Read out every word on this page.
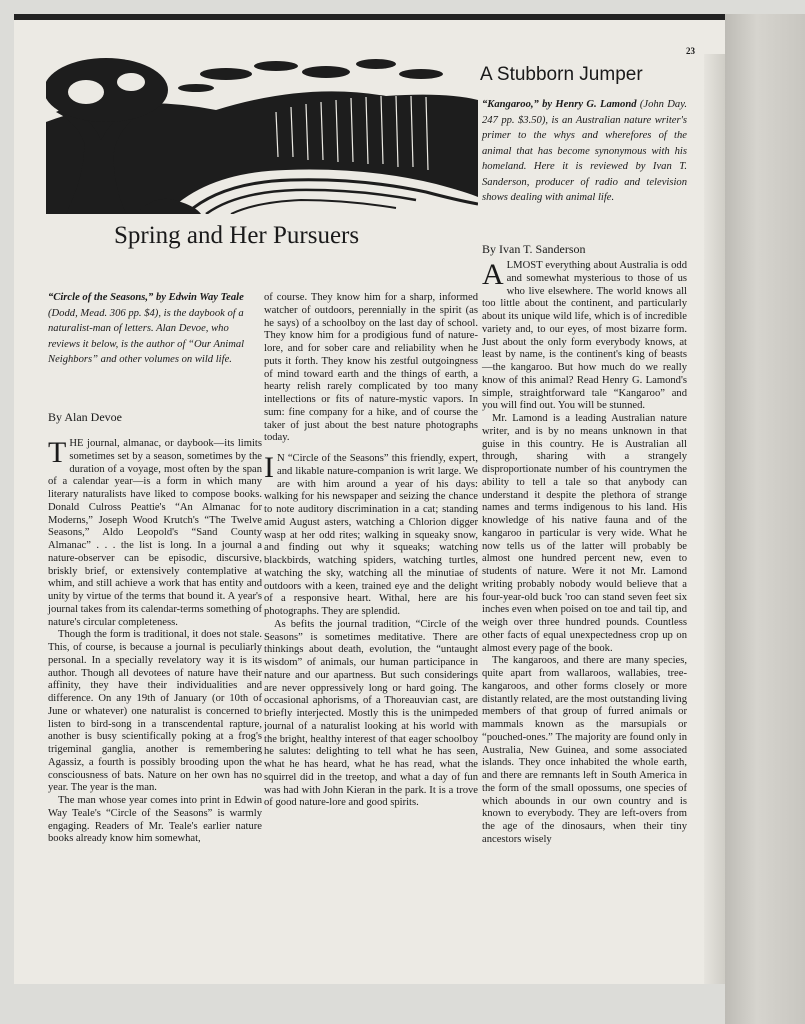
23
A Stubborn Jumper

“Kangaroo,” by Henry G. Lamond (John Day. 247 pp. $3.50), is an Australian nature writer's primer to the whys and wherefores of the animal that has become synonymous with his homeland. Here it is reviewed by Ivan T. Sanderson, producer of radio and television shows dealing with animal life.

By Ivan T. Sanderson

Spring and Her Pursuers

“Circle of the Seasons,” by Edwin Way Teale (Dodd, Mead. 306 pp. $4), is the daybook of a naturalist-man of letters. Alan Devoe, who reviews it below, is the author of “Our Animal Neighbors” and other volumes on wild life.

By Alan Devoe

THE journal, almanac, or daybook—its limits sometimes set by a season, sometimes by the duration of a voyage, most often by the span of a calendar year—is a form in which many literary naturalists have liked to compose books. Donald Culross Peattie's “An Almanac for Moderns,” Joseph Wood Krutch's “The Twelve Seasons,” Aldo Leopold's “Sand County Almanac” . . . the list is long. In a journal a nature-observer can be episodic, discursive, briskly brief, or extensively contemplative at whim, and still achieve a work that has entity and unity by virtue of the terms that bound it. A year's journal takes from its calendar-terms something of nature's circular completeness.

Though the form is traditional, it does not stale. This, of course, is because a journal is peculiarly personal. In a specially revelatory way it is its author. Though all devotees of nature have their affinity, they have their individualities and difference. On any 19th of January (or 10th of June or whatever) one naturalist is concerned to listen to bird-song in a transcendental rapture, another is busy scientifically poking at a frog's trigeminal ganglia, another is remembering Agassiz, a fourth is possibly brooding upon the consciousness of bats. Nature on her own has no year. The year is the man.

The man whose year comes into print in Edwin Way Teale's “Circle of the Seasons” is warmly engaging. Readers of Mr. Teale's earlier nature books already know him somewhat,

of course. They know him for a sharp, informed watcher of outdoors, perennially in the spirit (as he says) of a schoolboy on the last day of school. They know him for a prodigious fund of nature-lore, and for sober care and reliability when he puts it forth. They know his zestful outgoingness of mind toward earth and the things of earth, a hearty relish rarely complicated by too many intellections or fits of nature-mystic vapors. In sum: fine company for a hike, and of course the taker of just about the best nature photographs today.

I N “Circle of the Seasons” this friendly, expert, and likable nature-companion is writ large. We are with him around a year of his days: walking for his newspaper and seizing the chance to note auditory discrimination in a cat; standing amid August asters, watching a Chlorion digger wasp at her odd rites; walking in squeaky snow, and finding out why it squeaks; watching blackbirds, watching spiders, watching turtles, watching the sky, watching all the minutiae of outdoors with a keen, trained eye and the delight of a responsive heart. Withal, here are his photographs. They are splendid.

As befits the journal tradition, “Circle of the Seasons” is sometimes meditative. There are thinkings about death, evolution, the “untaught wisdom” of animals, our human participance in nature and our apartness. But such considerings are never oppressively long or hard going. The occasional aphorisms, of a Thoreauvian cast, are briefly interjected. Mostly this is the unimpeded journal of a naturalist looking at his world with the bright, healthy interest of that eager schoolboy he salutes: delighting to tell what he has seen, what he has heard, what he has read, what the squirrel did in the treetop, and what a day of fun was had with John Kieran in the park. It is a trove of good nature-lore and good spirits.

ALMOST everything about Australia is odd and somewhat mysterious to those of us who live elsewhere. The world knows all too little about the continent, and particularly about its unique wild life, which is of incredible variety and, to our eyes, of most bizarre form. Just about the only form everybody knows, at least by name, is the continent's king of beasts—the kangaroo. But how much do we really know of this animal? Read Henry G. Lamond's simple, straightforward tale “Kangaroo” and you will find out. You will be stunned.

Mr. Lamond is a leading Australian nature writer, and is by no means unknown in that guise in this country. He is Australian all through, sharing with a strangely disproportionate number of his countrymen the ability to tell a tale so that anybody can understand it despite the plethora of strange names and terms indigenous to his land. His knowledge of his native fauna and of the kangaroo in particular is very wide. What he now tells us of the latter will probably be almost one hundred percent new, even to students of nature. Were it not Mr. Lamond writing probably nobody would believe that a four-year-old buck 'roo can stand seven feet six inches even when poised on toe and tail tip, and weigh over three hundred pounds. Countless other facts of equal unexpectedness crop up on almost every page of the book.

The kangaroos, and there are many species, quite apart from wallaroos, wallabies, tree-kangaroos, and other forms closely or more distantly related, are the most outstanding living members of that group of furred animals or mammals known as the marsupials or “pouched-ones.” The majority are found only in Australia, New Guinea, and some associated islands. They once inhabited the whole earth, and there are remnants left in South America in the form of the small opossums, one species of which abounds in our own country and is known to everybody. They are left-overs from the age of the dinosaurs, when their tiny ancestors wisely
